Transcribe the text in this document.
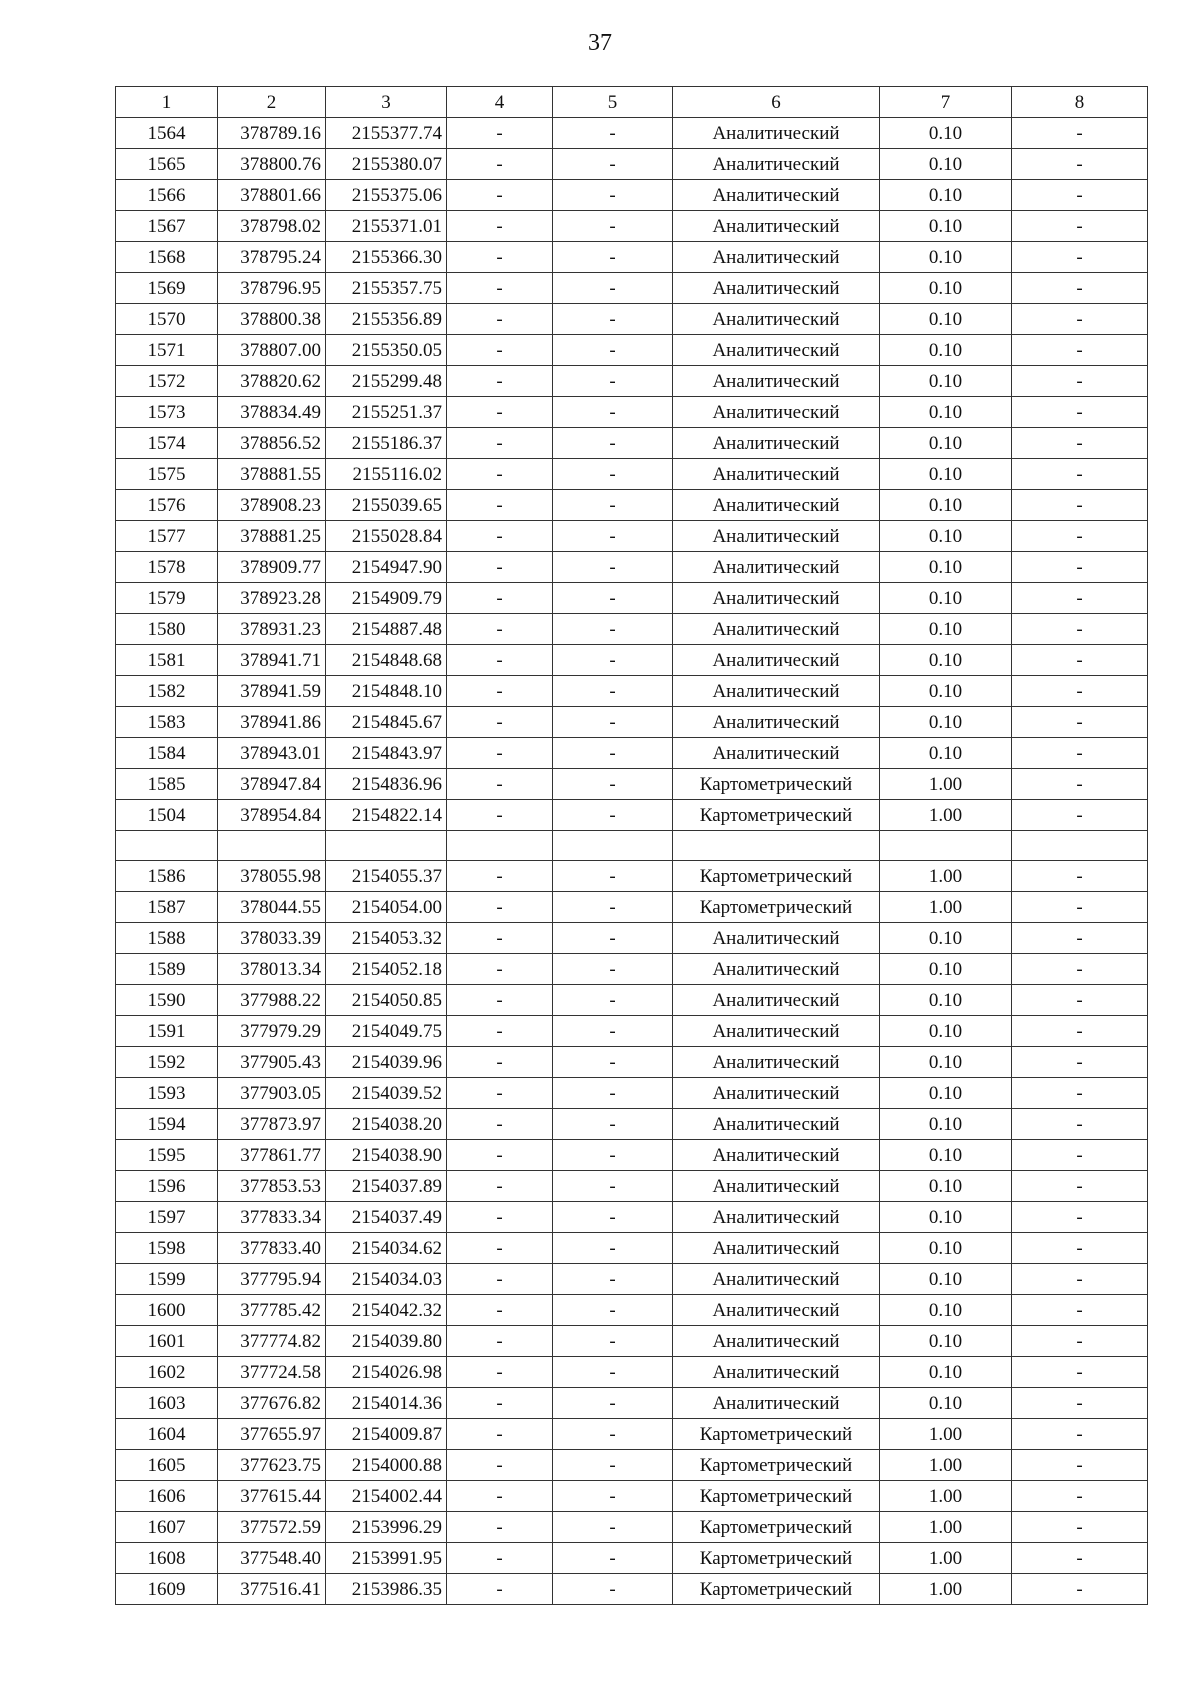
37
1	2	3	4	5	6	7	8
1564	378789.16	2155377.74	-	-	Аналитический	0.10	-
1565	378800.76	2155380.07	-	-	Аналитический	0.10	-
1566	378801.66	2155375.06	-	-	Аналитический	0.10	-
1567	378798.02	2155371.01	-	-	Аналитический	0.10	-
1568	378795.24	2155366.30	-	-	Аналитический	0.10	-
1569	378796.95	2155357.75	-	-	Аналитический	0.10	-
1570	378800.38	2155356.89	-	-	Аналитический	0.10	-
1571	378807.00	2155350.05	-	-	Аналитический	0.10	-
1572	378820.62	2155299.48	-	-	Аналитический	0.10	-
1573	378834.49	2155251.37	-	-	Аналитический	0.10	-
1574	378856.52	2155186.37	-	-	Аналитический	0.10	-
1575	378881.55	2155116.02	-	-	Аналитический	0.10	-
1576	378908.23	2155039.65	-	-	Аналитический	0.10	-
1577	378881.25	2155028.84	-	-	Аналитический	0.10	-
1578	378909.77	2154947.90	-	-	Аналитический	0.10	-
1579	378923.28	2154909.79	-	-	Аналитический	0.10	-
1580	378931.23	2154887.48	-	-	Аналитический	0.10	-
1581	378941.71	2154848.68	-	-	Аналитический	0.10	-
1582	378941.59	2154848.10	-	-	Аналитический	0.10	-
1583	378941.86	2154845.67	-	-	Аналитический	0.10	-
1584	378943.01	2154843.97	-	-	Аналитический	0.10	-
1585	378947.84	2154836.96	-	-	Картометрический	1.00	-
1504	378954.84	2154822.14	-	-	Картометрический	1.00	-

1586	378055.98	2154055.37	-	-	Картометрический	1.00	-
1587	378044.55	2154054.00	-	-	Картометрический	1.00	-
1588	378033.39	2154053.32	-	-	Аналитический	0.10	-
1589	378013.34	2154052.18	-	-	Аналитический	0.10	-
1590	377988.22	2154050.85	-	-	Аналитический	0.10	-
1591	377979.29	2154049.75	-	-	Аналитический	0.10	-
1592	377905.43	2154039.96	-	-	Аналитический	0.10	-
1593	377903.05	2154039.52	-	-	Аналитический	0.10	-
1594	377873.97	2154038.20	-	-	Аналитический	0.10	-
1595	377861.77	2154038.90	-	-	Аналитический	0.10	-
1596	377853.53	2154037.89	-	-	Аналитический	0.10	-
1597	377833.34	2154037.49	-	-	Аналитический	0.10	-
1598	377833.40	2154034.62	-	-	Аналитический	0.10	-
1599	377795.94	2154034.03	-	-	Аналитический	0.10	-
1600	377785.42	2154042.32	-	-	Аналитический	0.10	-
1601	377774.82	2154039.80	-	-	Аналитический	0.10	-
1602	377724.58	2154026.98	-	-	Аналитический	0.10	-
1603	377676.82	2154014.36	-	-	Аналитический	0.10	-
1604	377655.97	2154009.87	-	-	Картометрический	1.00	-
1605	377623.75	2154000.88	-	-	Картометрический	1.00	-
1606	377615.44	2154002.44	-	-	Картометрический	1.00	-
1607	377572.59	2153996.29	-	-	Картометрический	1.00	-
1608	377548.40	2153991.95	-	-	Картометрический	1.00	-
1609	377516.41	2153986.35	-	-	Картометрический	1.00	-
